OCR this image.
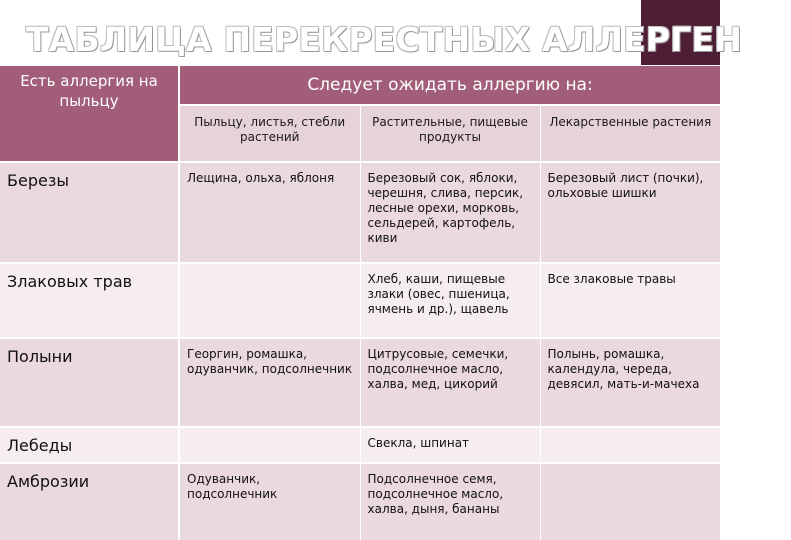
ТАБЛИЦА ПЕРЕКРЕСТНЫХ АЛЛЕРГЕНОВ
Есть аллергия на пыльцу	Следует ожидать аллергию на:		
	Пыльцу, листья, стебли растений	Растительные, пищевые продукты	Лекарственные растения
Березы	Лещина, ольха, яблоня	Березовый сок, яблоки, черешня, слива, персик, лесные орехи, морковь, сельдерей, картофель, киви	Березовый лист (почки), ольховые шишки
Злаковых трав		Хлеб, каши, пищевые злаки (овес, пшеница, ячмень и др.), щавель	Все злаковые травы
Полыни	Георгин, ромашка, одуванчик, подсолнечник	Цитрусовые, семечки, подсолнечное масло, халва, мед, цикорий	Полынь, ромашка, календула, череда, девясил, мать-и-мачеха
Лебеды		Свекла, шпинат	
Амброзии	Одуванчик, подсолнечник	Подсолнечное семя, подсолнечное масло, халва, дыня, бананы	
